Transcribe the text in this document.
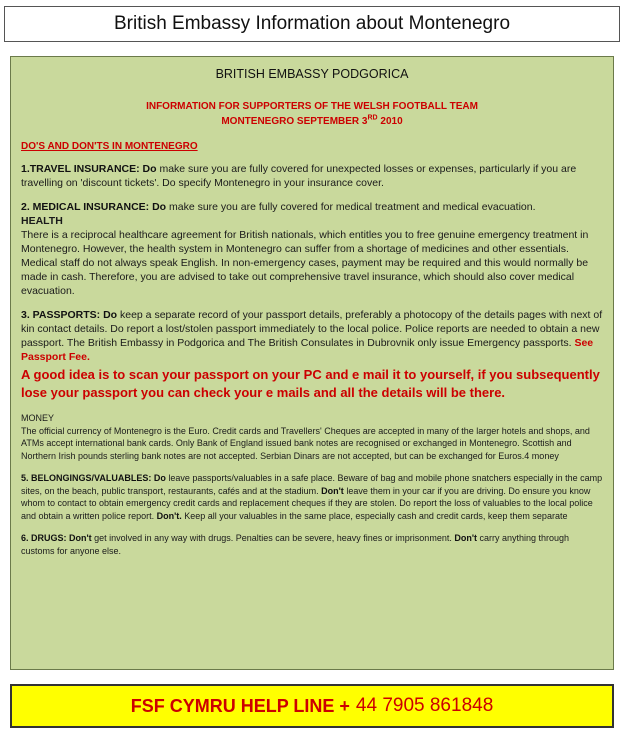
British Embassy Information about Montenegro

BRITISH EMBASSY PODGORICA

INFORMATION FOR SUPPORTERS OF THE WELSH FOOTBALL TEAM
MONTENEGRO SEPTEMBER 3RD 2010

DO'S AND DON'TS IN MONTENEGRO

1.TRAVEL INSURANCE: Do make sure you are fully covered for unexpected losses or expenses, particularly if you are travelling on 'discount tickets'. Do specify Montenegro in your insurance cover.

2. MEDICAL INSURANCE: Do make sure you are fully covered for medical treatment and medical evacuation.

HEALTH

There is a reciprocal healthcare agreement for British nationals, which entitles you to free genuine emergency treatment in Montenegro. However, the health system in Montenegro can suffer from a shortage of medicines and other essentials. Medical staff do not always speak English. In non-emergency cases, payment may be required and this would normally be made in cash. Therefore, you are advised to take out comprehensive travel insurance, which should also cover medical evacuation.

3. PASSPORTS: Do keep a separate record of your passport details, preferably a photocopy of the details pages with next of kin contact details. Do report a lost/stolen passport immediately to the local police. Police reports are needed to obtain a new passport. The British Embassy in Podgorica and The British Consulates in Dubrovnik only issue Emergency passports. See Passport Fee.

A good idea is to scan your passport on your PC and e mail it to yourself, if you subsequently lose your passport you can check your e mails and all the details will be there.

MONEY

The official currency of Montenegro is the Euro. Credit cards and Travellers' Cheques are accepted in many of the larger hotels and shops, and ATMs accept international bank cards. Only Bank of England issued bank notes are recognised or exchanged in Montenegro. Scottish and Northern Irish pounds sterling bank notes are not accepted. Serbian Dinars are not accepted, but can be exchanged for Euros.4 money

5. BELONGINGS/VALUABLES: Do leave passports/valuables in a safe place. Beware of bag and mobile phone snatchers especially in the camp sites, on the beach, public transport, restaurants, cafés and at the stadium. Don't leave them in your car if you are driving. Do ensure you know whom to contact to obtain emergency credit cards and replacement cheques if they are stolen. Do report the loss of valuables to the local police and obtain a written police report. Don't. Keep all your valuables in the same place, especially cash and credit cards, keep them separate

6. DRUGS: Don't get involved in any way with drugs. Penalties can be severe, heavy fines or imprisonment. Don't carry anything through customs for anyone else.

FSF CYMRU HELP LINE + 44 7905 861848
